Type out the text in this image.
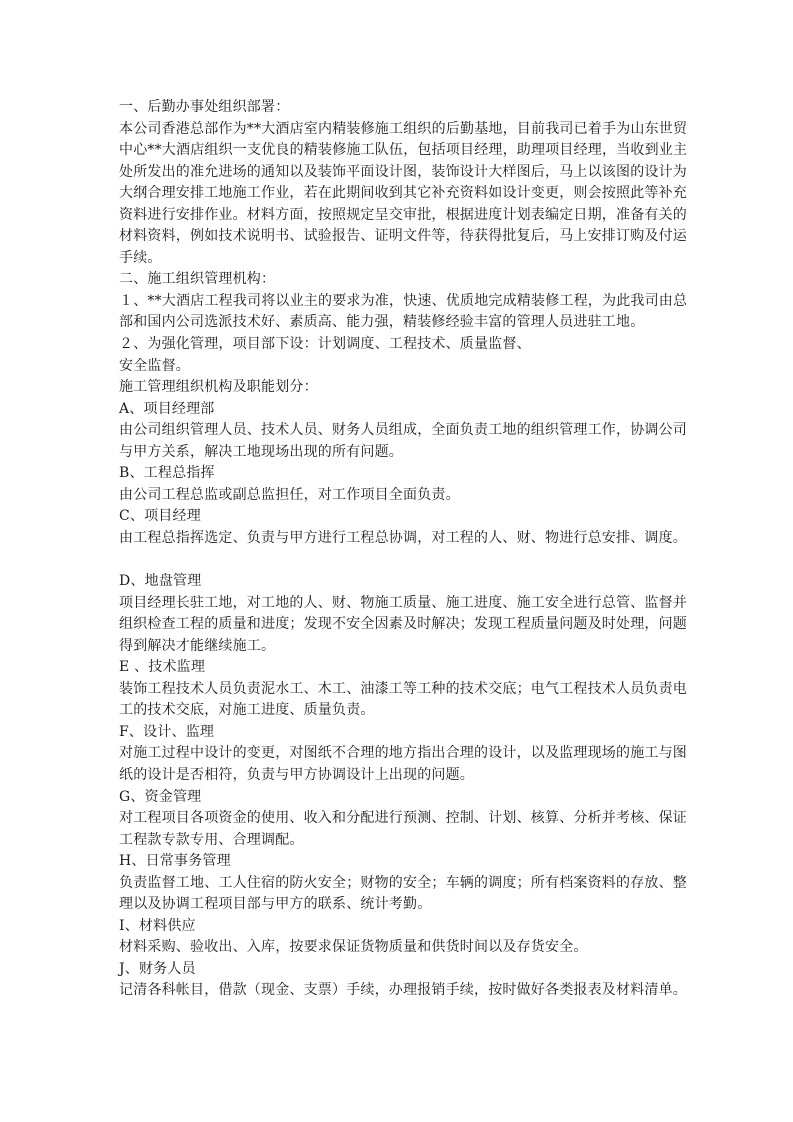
一、后勤办事处组织部署：
本公司香港总部作为**大酒店室内精装修施工组织的后勤基地，目前我司已着手为山东世贸
中心**大酒店组织一支优良的精装修施工队伍，包括项目经理，助理项目经理，当收到业主
处所发出的准允进场的通知以及装饰平面设计图，装饰设计大样图后，马上以该图的设计为
大纲合理安排工地施工作业，若在此期间收到其它补充资料如设计变更，则会按照此等补充
资料进行安排作业。材料方面，按照规定呈交审批，根据进度计划表编定日期，准备有关的
材料资料，例如技术说明书、试验报告、证明文件等，待获得批复后，马上安排订购及付运
手续。
二、施工组织管理机构：
１、**大酒店工程我司将以业主的要求为准，快速、优质地完成精装修工程，为此我司由总
部和国内公司选派技术好、素质高、能力强，精装修经验丰富的管理人员进驻工地。
２、为强化管理，项目部下设：计划调度、工程技术、质量监督、
安全监督。
施工管理组织机构及职能划分：
A、项目经理部
由公司组织管理人员、技术人员、财务人员组成，全面负责工地的组织管理工作，协调公司
与甲方关系，解决工地现场出现的所有问题。
B、工程总指挥
由公司工程总监或副总监担任，对工作项目全面负责。
C、项目经理
由工程总指挥选定、负责与甲方进行工程总协调，对工程的人、财、物进行总安排、调度。
D、地盘管理
项目经理长驻工地，对工地的人、财、物施工质量、施工进度、施工安全进行总管、监督并
组织检查工程的质量和进度；发现不安全因素及时解决；发现工程质量问题及时处理，问题
得到解决才能继续施工。
E 、技术监理
装饰工程技术人员负责泥水工、木工、油漆工等工种的技术交底；电气工程技术人员负责电
工的技术交底，对施工进度、质量负责。
F、设计、监理
对施工过程中设计的变更，对图纸不合理的地方指出合理的设计，以及监理现场的施工与图
纸的设计是否相符，负责与甲方协调设计上出现的问题。
G、资金管理
对工程项目各项资金的使用、收入和分配进行预测、控制、计划、核算、分析并考核、保证
工程款专款专用、合理调配。
H、日常事务管理
负责监督工地、工人住宿的防火安全；财物的安全；车辆的调度；所有档案资料的存放、整
理以及协调工程项目部与甲方的联系、统计考勤。
I、材料供应
材料采购、验收出、入库，按要求保证货物质量和供货时间以及存货安全。
J、财务人员
记清各科帐目，借款（现金、支票）手续，办理报销手续，按时做好各类报表及材料清单。
